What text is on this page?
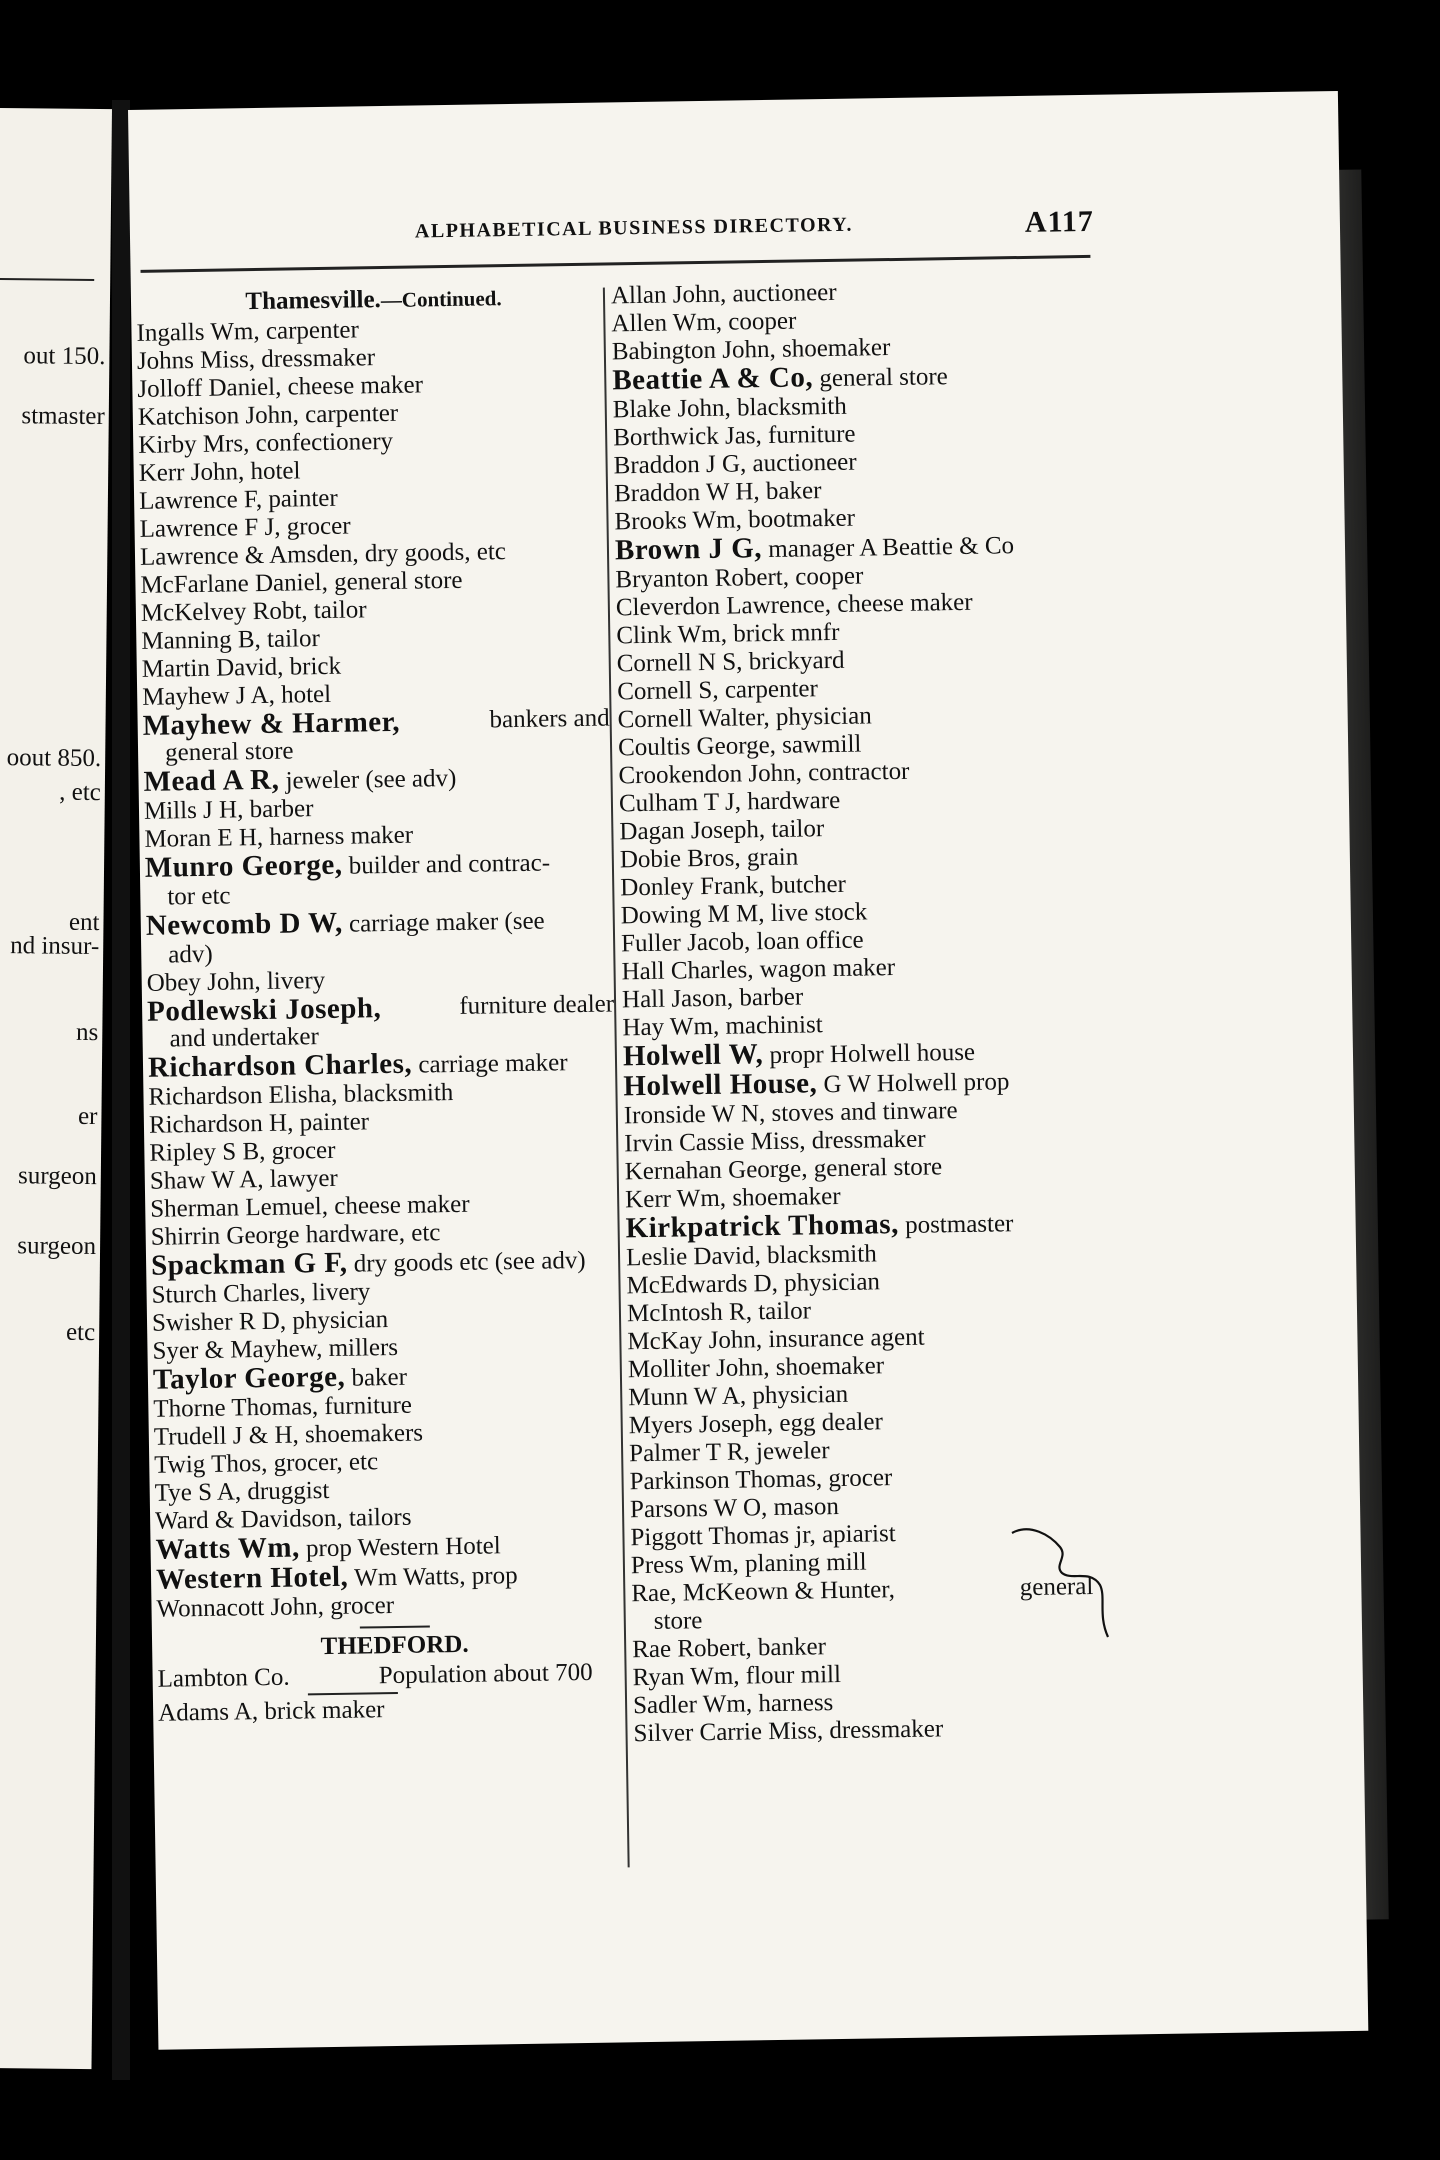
out 150.
stmaster
oout 850.
, etc
ent
nd insur-
ns
er
surgeon
surgeon
etc
ALPHABETICAL BUSINESS DIRECTORY.	A117
Thamesville.—Continued.
Ingalls Wm, carpenter
Johns Miss, dressmaker
Jolloff Daniel, cheese maker
Katchison John, carpenter
Kirby Mrs, confectionery
Kerr John, hotel
Lawrence F, painter
Lawrence F J, grocer
Lawrence & Amsden, dry goods, etc
McFarlane Daniel, general store
McKelvey Robt, tailor
Manning B, tailor
Martin David, brick
Mayhew J A, hotel
Mayhew & Harmer,	bankers and
general store
Mead A R, jeweler (see adv)
Mills J H, barber
Moran E H, harness maker
Munro George, builder and contrac-
tor etc
Newcomb D W, carriage maker (see
adv)
Obey John, livery
Podlewski Joseph,	furniture dealer
and undertaker
Richardson Charles, carriage maker
Richardson Elisha, blacksmith
Richardson H, painter
Ripley S B, grocer
Shaw W A, lawyer
Sherman Lemuel, cheese maker
Shirrin George hardware, etc
Spackman G F, dry goods etc (see adv)
Sturch Charles, livery
Swisher R D, physician
Syer & Mayhew, millers
Taylor George, baker
Thorne Thomas, furniture
Trudell J & H, shoemakers
Twig Thos, grocer, etc
Tye S A, druggist
Ward & Davidson, tailors
Watts Wm, prop Western Hotel
Western Hotel, Wm Watts, prop
Wonnacott John, grocer
THEDFORD.
Lambton Co.	Population about 700
Adams A, brick maker
Allan John, auctioneer
Allen Wm, cooper
Babington John, shoemaker
Beattie A & Co, general store
Blake John, blacksmith
Borthwick Jas, furniture
Braddon J G, auctioneer
Braddon W H, baker
Brooks Wm, bootmaker
Brown J G, manager A Beattie & Co
Bryanton Robert, cooper
Cleverdon Lawrence, cheese maker
Clink Wm, brick mnfr
Cornell N S, brickyard
Cornell S, carpenter
Cornell Walter, physician
Coultis George, sawmill
Crookendon John, contractor
Culham T J, hardware
Dagan Joseph, tailor
Dobie Bros, grain
Donley Frank, butcher
Dowing M M, live stock
Fuller Jacob, loan office
Hall Charles, wagon maker
Hall Jason, barber
Hay Wm, machinist
Holwell W, propr Holwell house
Holwell House, G W Holwell prop
Ironside W N, stoves and tinware
Irvin Cassie Miss, dressmaker
Kernahan George, general store
Kerr Wm, shoemaker
Kirkpatrick Thomas, postmaster
Leslie David, blacksmith
McEdwards D, physician
McIntosh R, tailor
McKay John, insurance agent
Molliter John, shoemaker
Munn W A, physician
Myers Joseph, egg dealer
Palmer T R, jeweler
Parkinson Thomas, grocer
Parsons W O, mason
Piggott Thomas jr, apiarist
Press Wm, planing mill
Rae, McKeown & Hunter,	general
store
Rae Robert, banker
Ryan Wm, flour mill
Sadler Wm, harness
Silver Carrie Miss, dressmaker
